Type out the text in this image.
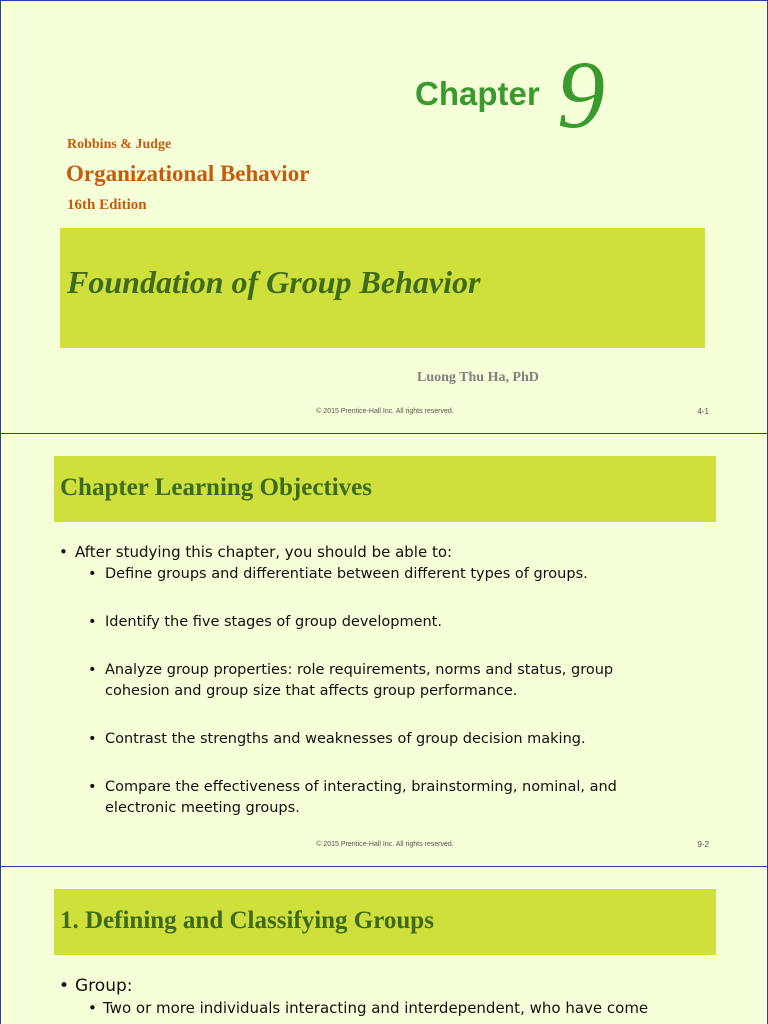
Chapter 9
Robbins & Judge
Organizational Behavior
16th Edition
Foundation of Group Behavior
Luong Thu Ha, PhD
© 2015 Prentice-Hall Inc. All rights reserved.	4-1
Chapter Learning Objectives
• After studying this chapter, you should be able to:
• Define groups and differentiate between different types of groups.
• Identify the five stages of group development.
• Analyze group properties: role requirements, norms and status, group cohesion and group size that affects group performance.
• Contrast the strengths and weaknesses of group decision making.
• Compare the effectiveness of interacting, brainstorming, nominal, and electronic meeting groups.
© 2015 Prentice-Hall Inc. All rights reserved.	9-2
1. Defining and Classifying Groups
• Group:
• Two or more individuals interacting and interdependent, who have come
